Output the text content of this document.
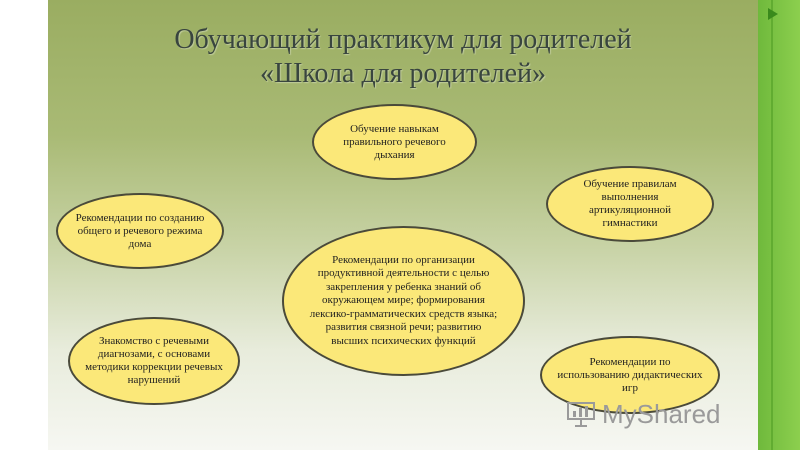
Обучающий практикум для родителей
«Школа для родителей»
Обучение навыкам правильного речевого дыхания
Обучение правилам выполнения артикуляционной гимнастики
Рекомендации по созданию общего и речевого режима дома
Рекомендации по организации продуктивной деятельности с целью закрепления у ребенка знаний об окружающем мире; формирования лексико-грамматических средств языка; развития связной речи; развитию высших психических функций
Знакомство с речевыми диагнозами, с основами методики коррекции речевых нарушений
Рекомендации по использованию дидактических игр
MyShared
